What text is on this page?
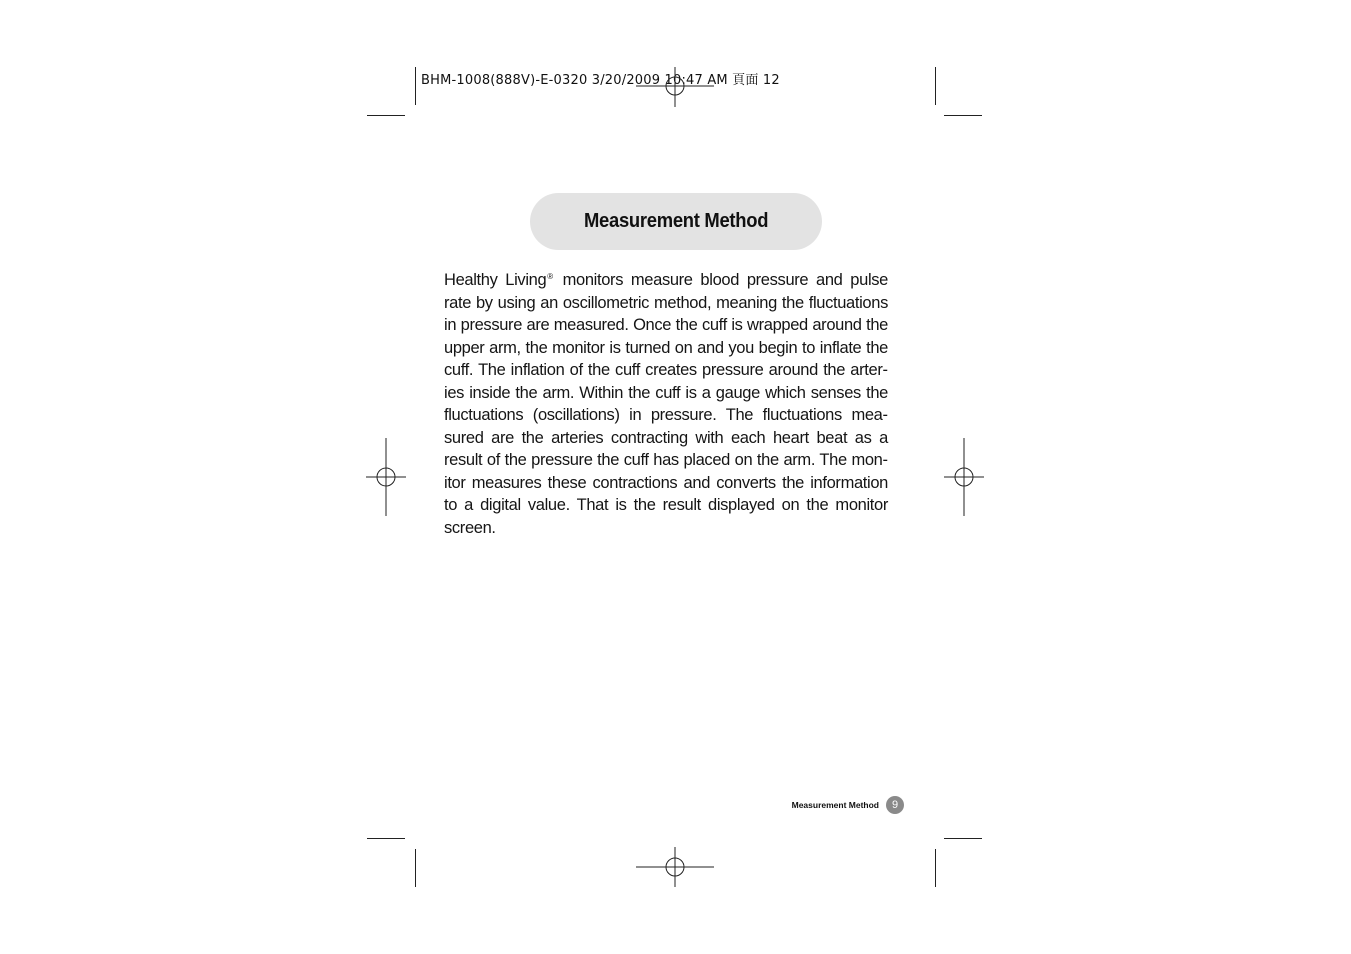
BHM-1008(888V)-E-0320 3/20/2009 10:47 AM 頁面 12
Measurement Method

Healthy Living® monitors measure blood pressure and pulse rate by using an oscillometric method, meaning the fluctuations in pressure are measured. Once the cuff is wrapped around the upper arm, the monitor is turned on and you begin to inflate the cuff. The inflation of the cuff creates pressure around the arteries inside the arm. Within the cuff is a gauge which senses the fluctuations (oscillations) in pressure. The fluctuations measured are the arteries contracting with each heart beat as a result of the pressure the cuff has placed on the arm. The monitor measures these contractions and converts the information to a digital value. That is the result displayed on the monitor screen.

Measurement Method	9
